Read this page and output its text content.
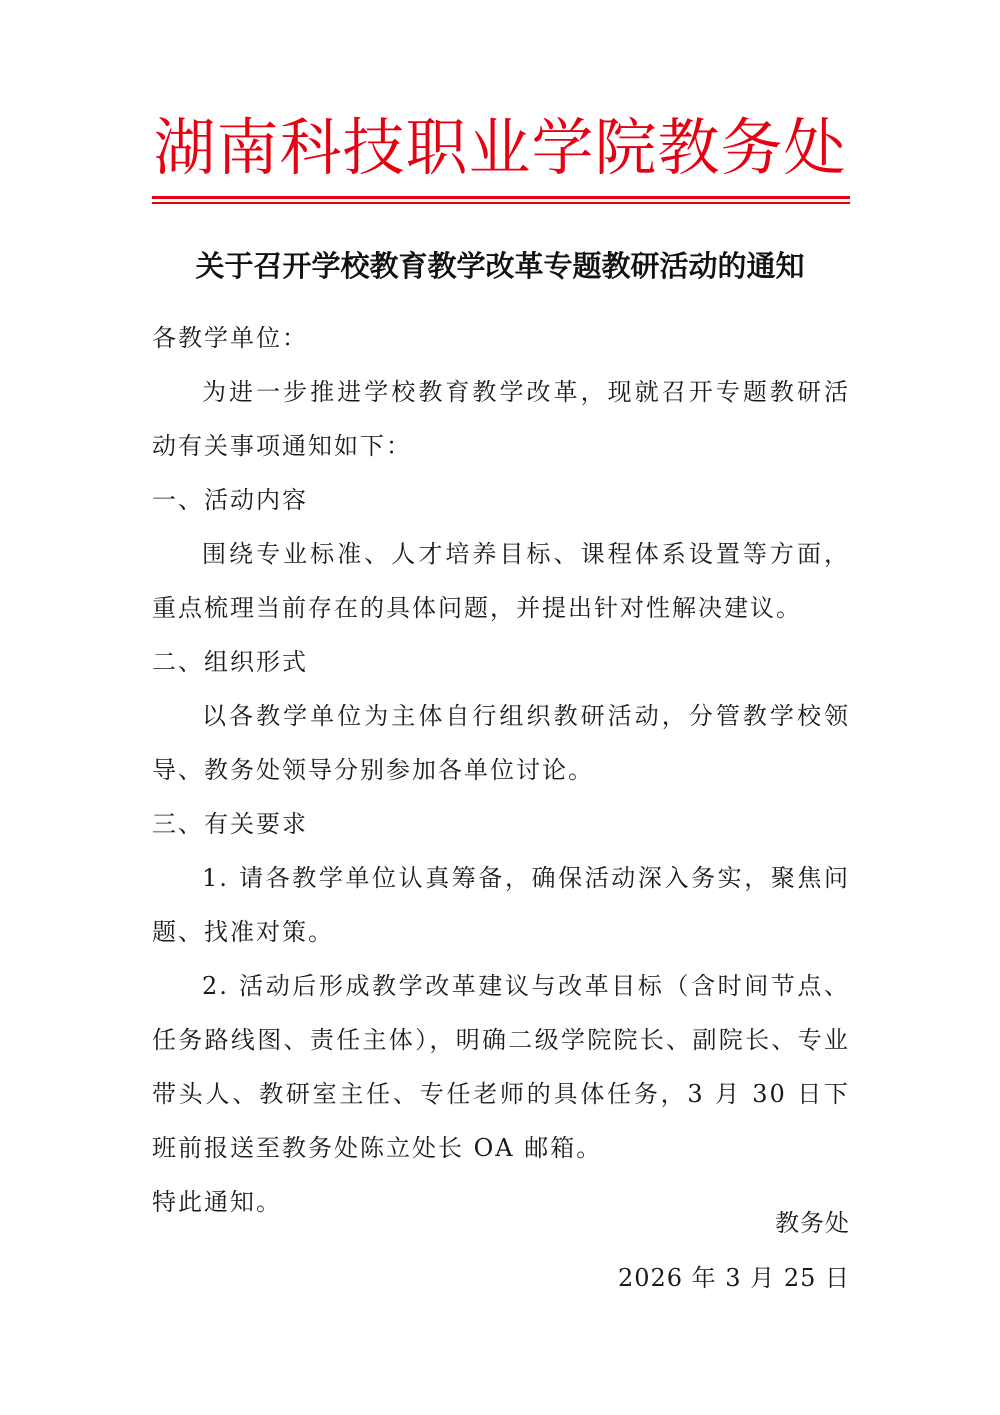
湖南科技职业学院教务处
关于召开学校教育教学改革专题教研活动的通知

各教学单位：

为进一步推进学校教育教学改革，现就召开专题教研活动有关事项通知如下：

一、活动内容

围绕专业标准、人才培养目标、课程体系设置等方面，重点梳理当前存在的具体问题，并提出针对性解决建议。

二、组织形式

以各教学单位为主体自行组织教研活动，分管教学校领导、教务处领导分别参加各单位讨论。

三、有关要求

1. 请各教学单位认真筹备，确保活动深入务实，聚焦问题、找准对策。

2. 活动后形成教学改革建议与改革目标（含时间节点、任务路线图、责任主体），明确二级学院院长、副院长、专业带头人、教研室主任、专任老师的具体任务，3 月 30 日下班前报送至教务处陈立处长 OA 邮箱。

特此通知。

教务处
2026 年 3 月 25 日
